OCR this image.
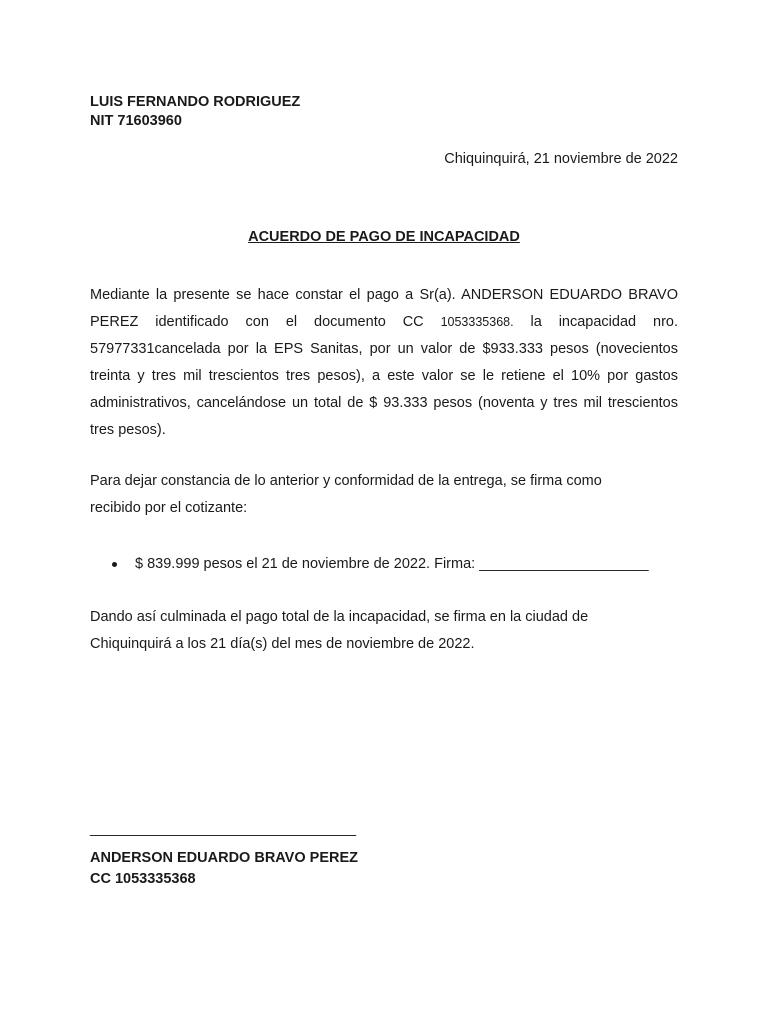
LUIS FERNANDO RODRIGUEZ
NIT 71603960
Chiquinquirá, 21 noviembre de 2022
ACUERDO DE PAGO DE INCAPACIDAD

Mediante la presente se hace constar el pago a Sr(a). ANDERSON EDUARDO BRAVO PEREZ identificado con el documento CC 1053335368. la incapacidad nro. 57977331cancelada por la EPS Sanitas, por un valor de $933.333 pesos (novecientos treinta y tres mil trescientos tres pesos), a este valor se le retiene el 10% por gastos administrativos, cancelándose un total de $ 93.333 pesos (noventa y tres mil trescientos tres pesos).

Para dejar constancia de lo anterior y conformidad de la entrega, se firma como recibido por el cotizante:

$ 839.999 pesos el 21 de noviembre de 2022. Firma: _____________________

Dando así culminada el pago total de la incapacidad, se firma en la ciudad de Chiquinquirá a los 21 día(s) del mes de noviembre de 2022.

_________________________________
ANDERSON EDUARDO BRAVO PEREZ
CC 1053335368
